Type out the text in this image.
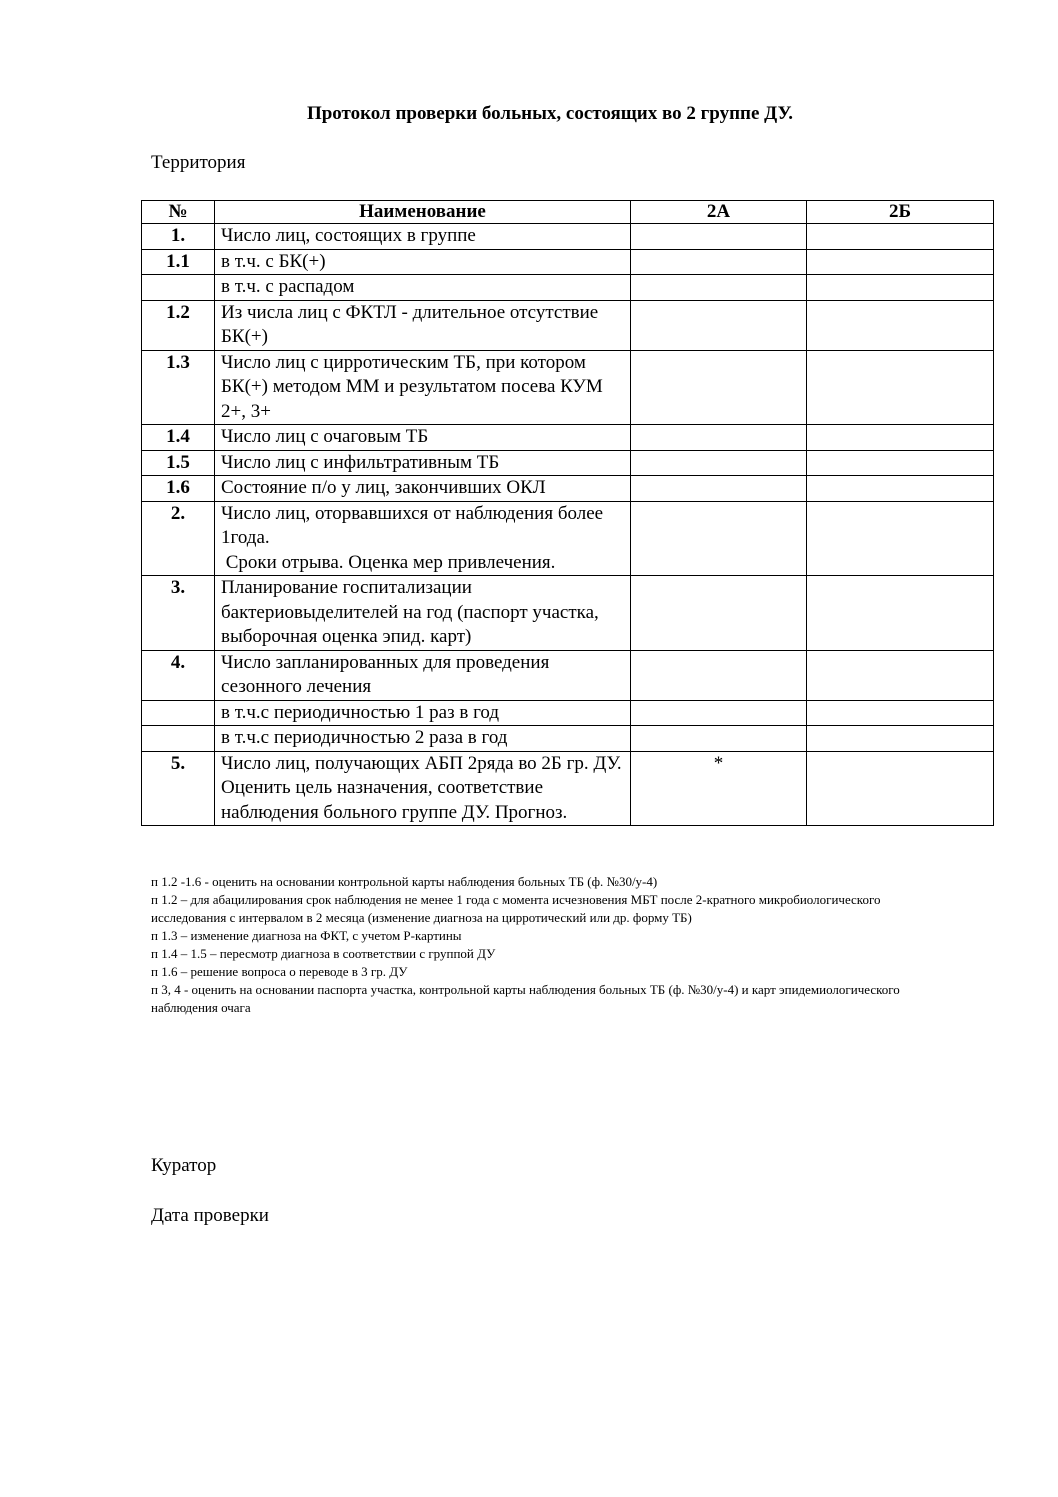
Протокол проверки больных, состоящих во 2 группе ДУ.
Территория
№	Наименование	2А	2Б
1.	Число лиц, состоящих в группе		
1.1	в т.ч. с БК(+)		
	в т.ч. с распадом		
1.2	Из числа лиц с ФКТЛ - длительное отсутствие БК(+)		
1.3	Число лиц с цирротическим ТБ, при котором БК(+) методом ММ и результатом посева КУМ 2+, 3+		
1.4	Число лиц с очаговым ТБ		
1.5	Число лиц с инфильтративным ТБ		
1.6	Состояние п/о у лиц, закончивших ОКЛ		
2.	Число лиц, оторвавшихся от наблюдения более 1года.
Сроки отрыва. Оценка мер привлечения.		

3.	Планирование госпитализации бактериовыделителей на год (паспорт участка, выборочная оценка эпид. карт)		
4.	Число запланированных для проведения сезонного лечения		
	в т.ч.с периодичностью 1 раз в год		
	в т.ч.с периодичностью 2 раза в год		
5.	Число лиц, получающих АБП 2ряда во 2Б гр. ДУ. Оценить цель назначения, соответствие наблюдения больного группе ДУ. Прогноз.	*	
п 1.2 -1.6 - оценить на основании контрольной карты наблюдения больных ТБ (ф. №30/у-4)
п 1.2 – для абацилирования срок наблюдения не менее 1 года с момента исчезновения МБТ после 2-кратного микробиологического исследования с интервалом в 2 месяца (изменение диагноза на цирротический или др. форму ТБ)
п 1.3 – изменение диагноза на ФКТ, с учетом Р-картины
п 1.4 – 1.5 – пересмотр диагноза в соответствии с группой ДУ
п 1.6 – решение вопроса о переводе в 3 гр. ДУ
п 3, 4 - оценить на основании паспорта участка, контрольной карты наблюдения больных ТБ (ф. №30/у-4) и карт эпидемиологического наблюдения очага
Куратор
Дата проверки
